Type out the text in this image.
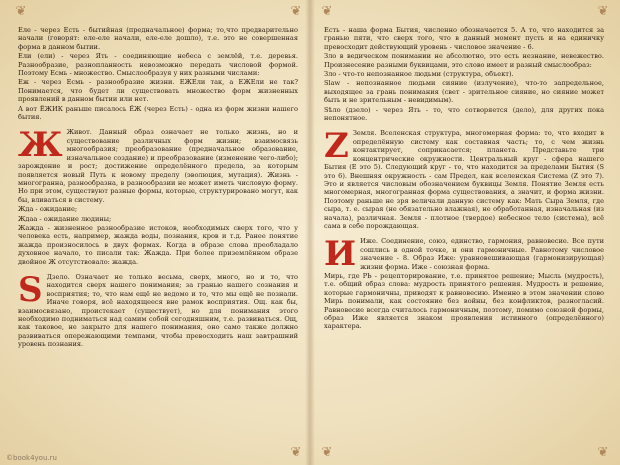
❦	❦	❦	❦
❦	❦
❦

Еле - через Есть - бытийная (предначальное) форма; то,что предварительно начали (говорят: еле-еле начали, еле-еле дошло), т.е. это не совершенная форма в данном бытии.

Ели (ели) - через Ять - соединяющие небеса с землёй, т.е. деревья. Разнообразие, разнопланность невозможно передать числовой формой. Поэтому Есмь - множество. Смыслообразуя у них разными числами:

Еж - через Есмь - разнообразие жизни. ЕЖЕли так, а ЕЖЕли не так? Понимается, что будет ли существовать множество форм жизненных проявлений в данном бытии или нет.

А вот ЁЖИК раньше писалось ЁЖ (через Есть) - одна из форм жизни нашего бытия.

Ж Живот. Данный образ означает не только жизнь, но и существование различных форм жизни; взаимосвязь многообразия; преобразование (предначальное образование, изначальное создание) и преобразование (изменение чего-либо); зарождение и рост; достижение определённого предела, за которым появляется новый Путь к новому пределу (эволюция, мутация). Жизнь - многогранна, разнообразна, в разнообразии не может иметь числовую форму. Но при этом, существуют разные формы, которые, структурировано могут, как бы, вливаться в систему.

Жда - ожидание;

Ждаа - ожидание людины;

Жажда - жизненное разнообразие истоков, необходимых сверх того, что у человека есть, например, жажда воды, познания, кров и т.д. Ранее понятие жажда произносилось в двух формах. Когда в образе слова преобладало духовное начало, то писали так: Жажда. При более приземлённом образе двойное Ж отсутствовало: жажда.

S Дзело. Означает не только весьма, сверх, много, но и то, что находится сверх нашего понимания; за гранью нашего сознания и восприятия; то, что нам ещё не ведомо и то, что мы ещё не познали. Иначе говоря, всё находящееся вне рамок восприятия. Ощ. как бы, взаимосвязано, проистекает (существует), но для понимания этого необходимо подниматься над самим собой сегодняшним, т.е. развиваться. Ощ, как таковое, не закрыто для нашего понимания, оно само также должно развиваться опережающими темпами, чтобы превосходить наш завтрашний уровень познания.

Есть - наша форма Бытия, численно обозначается 5. А то, что находится за гранью пяти, что сверх того, что в данный момент пусть и на единичку превосходит действующий уровень - числовое значение - 6.

Зло в ведическом понимании не абсолютно, это есть незнание, невежество. Произнесение разными буквицами, это слово имеет и разный смыслообраз:

Зло - что-то непознанное людьми (структура, объект).

Slaw - непознанное людьми сияние (излучение), что-то запредельное, выходящее за грань понимания (свет - зрительное сияние, но сияние может быть и не зрительным - невидимым).

Sѣло (дзело) - через Ять - то, что сотворяется (дело), для других пока непонятное.

Z Земля. Вселенская структура, многомерная форма: то, что входит в определённую систему как составная часть; то, с чем жизнь контактирует, соприкасается; планета. Представьте три концентрические окружности. Центральный круг - сфера нашего Бытия (Е это 5). Следующий круг - то, что находится за пределами Бытия (S это 6). Внешняя окружность - сам Предел, как вселенская Система (Z это 7). Это и является числовым обозначением буквицы Земля. Понятие Земля есть многомерная, многогранная форма существования, а значит, и форма жизни. Поэтому раньше не зря величали данную систему как: Мать Сыра Земля, где сыра, т. е. сырая (не обязательно влажная), не обработанная, изначальная (из начала), различная. Земля - плотное (твердое) небесное тело (система), всё сама в себе порождающая.

И Иже. Соединение, союз, единство, гармония, равновесие. Все пути сошлись в одной точке, и они гармоничные. Равнотому числовое значение - 8. Образ Иже: уравновешивающая (гармонизирующая) жизни форма. Иже - союзная форма.

Мирь, где РЬ - рецепторирование, т.е. принятое решение; Мысль (мудрость), т.е. общий образ слова: мудрость принятого решения. Мудрость и решение, которые гармоничны, приводят к равновесию. Именно в этом значении слово Мирь понимали, как состояние без войны, без конфликтов, разногласий. Равновесие всегда считалось гармоничным, поэтому, помимо союзной формы, образ Иже является знаком проявления истинного (определённого) характера.

©book4you.ru
